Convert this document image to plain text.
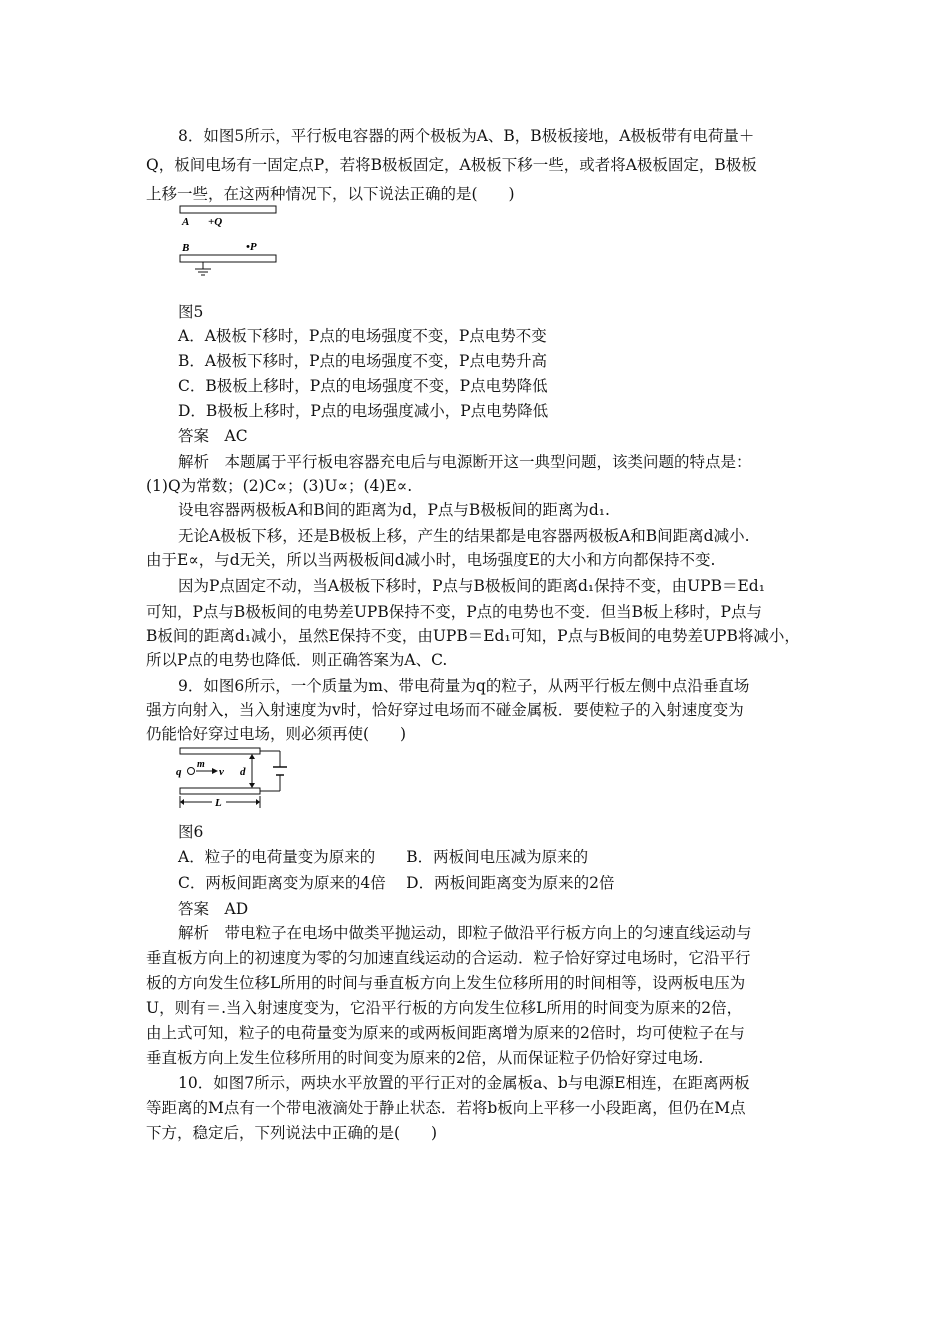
8．如图5所示，平行板电容器的两个极板为A、B，B极板接地，A极板带有电荷量＋
Q，板间电场有一固定点P，若将B极板固定，A极板下移一些，或者将A极板固定，B极板
上移一些，在这两种情况下，以下说法正确的是(　　)
A +Q
B	•P
图5
A．A极板下移时，P点的电场强度不变，P点电势不变
B．A极板下移时，P点的电场强度不变，P点电势升高
C．B极板上移时，P点的电场强度不变，P点电势降低
D．B极板上移时，P点的电场强度减小，P点电势降低
答案　AC
解析　本题属于平行板电容器充电后与电源断开这一典型问题，该类问题的特点是：
(1)Q为常数；(2)C∝；(3)U∝；(4)E∝.
设电容器两极板A和B间的距离为d，P点与B极板间的距离为d₁.
无论A极板下移，还是B极板上移，产生的结果都是电容器两极板A和B间距离d减小.
由于E∝，与d无关，所以当两极板间d减小时，电场强度E的大小和方向都保持不变.
因为P点固定不动，当A极板下移时，P点与B极板间的距离d₁保持不变，由UPB＝Ed₁
可知，P点与B极板间的电势差UPB保持不变，P点的电势也不变．但当B板上移时，P点与
B板间的距离d₁减小，虽然E保持不变，由UPB＝Ed₁可知，P点与B板间的电势差UPB将减小，
所以P点的电势也降低．则正确答案为A、C.
9．如图6所示，一个质量为m、带电荷量为q的粒子，从两平行板左侧中点沿垂直场
强方向射入，当入射速度为v时，恰好穿过电场而不碰金属板．要使粒子的入射速度变为
仍能恰好穿过电场，则必须再使(　　)
q
m
v d
L
图6
A．粒子的电荷量变为原来的　　B．两板间电压减为原来的
C．两板间距离变为原来的4倍　 D．两板间距离变为原来的2倍
答案　AD
解析　带电粒子在电场中做类平抛运动，即粒子做沿平行板方向上的匀速直线运动与
垂直板方向上的初速度为零的匀加速直线运动的合运动．粒子恰好穿过电场时，它沿平行
板的方向发生位移L所用的时间与垂直板方向上发生位移所用的时间相等，设两板电压为
U，则有＝.当入射速度变为，它沿平行板的方向发生位移L所用的时间变为原来的2倍，
由上式可知，粒子的电荷量变为原来的或两板间距离增为原来的2倍时，均可使粒子在与
垂直板方向上发生位移所用的时间变为原来的2倍，从而保证粒子仍恰好穿过电场.
10．如图7所示，两块水平放置的平行正对的金属板a、b与电源E相连，在距离两板
等距离的M点有一个带电液滴处于静止状态．若将b板向上平移一小段距离，但仍在M点
下方，稳定后，下列说法中正确的是(　　)
